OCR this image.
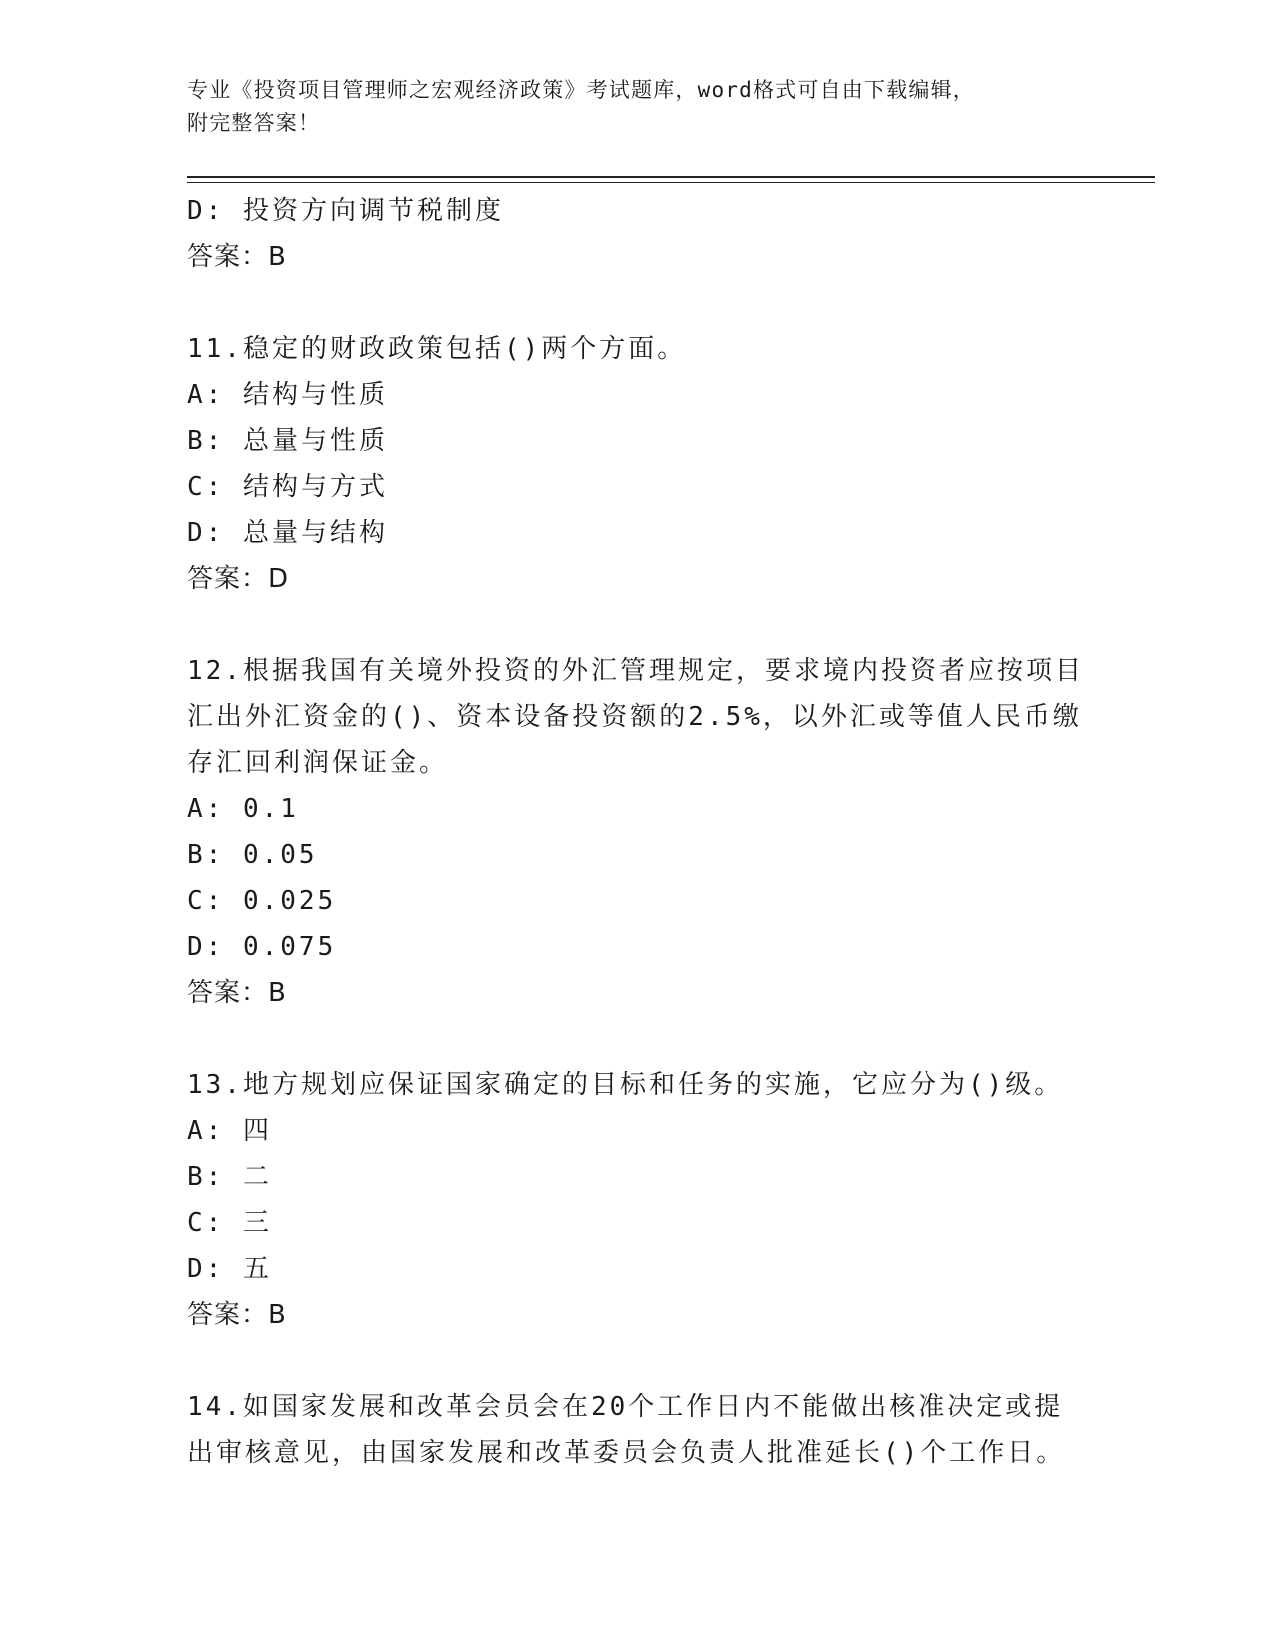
专业《投资项目管理师之宏观经济政策》考试题库，word格式可自由下载编辑，
附完整答案！
D: 投资方向调节税制度
答案：B
11.稳定的财政政策包括()两个方面。
A: 结构与性质
B: 总量与性质
C: 结构与方式
D: 总量与结构
答案：D
12.根据我国有关境外投资的外汇管理规定，要求境内投资者应按项目
汇出外汇资金的()、资本设备投资额的2.5%，以外汇或等值人民币缴
存汇回利润保证金。
A: 0.1
B: 0.05
C: 0.025
D: 0.075
答案：B
13.地方规划应保证国家确定的目标和任务的实施，它应分为()级。
A: 四
B: 二
C: 三
D: 五
答案：B
14.如国家发展和改革会员会在20个工作日内不能做出核准决定或提
出审核意见，由国家发展和改革委员会负责人批准延长()个工作日。
